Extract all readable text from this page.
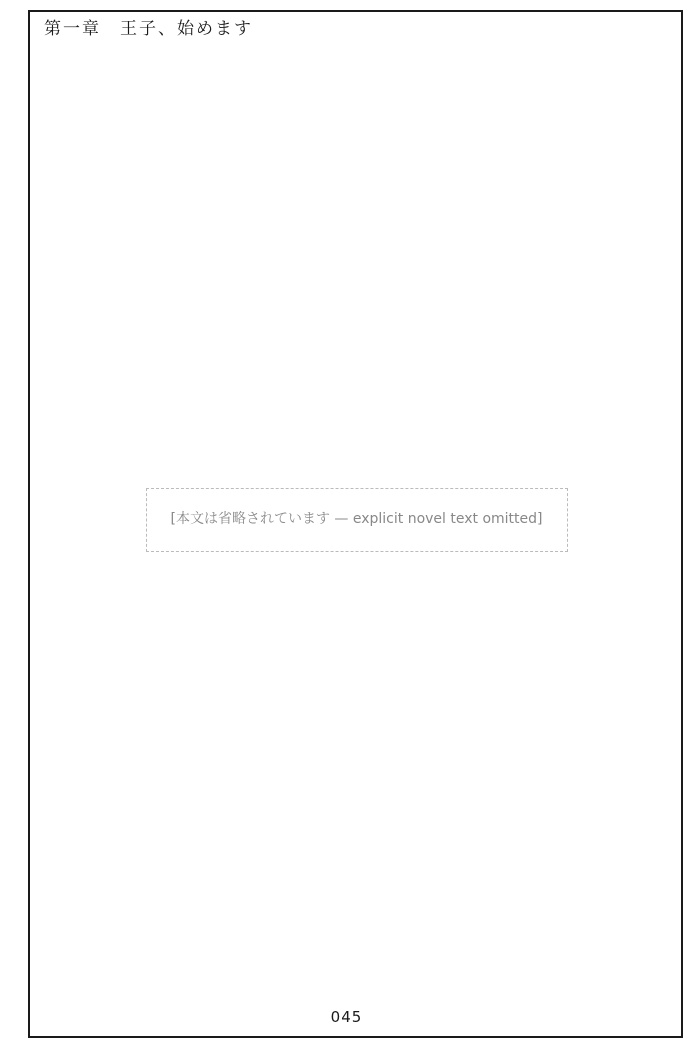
第一章　王子、始めます
[本文は省略されています — explicit novel text omitted]
045
